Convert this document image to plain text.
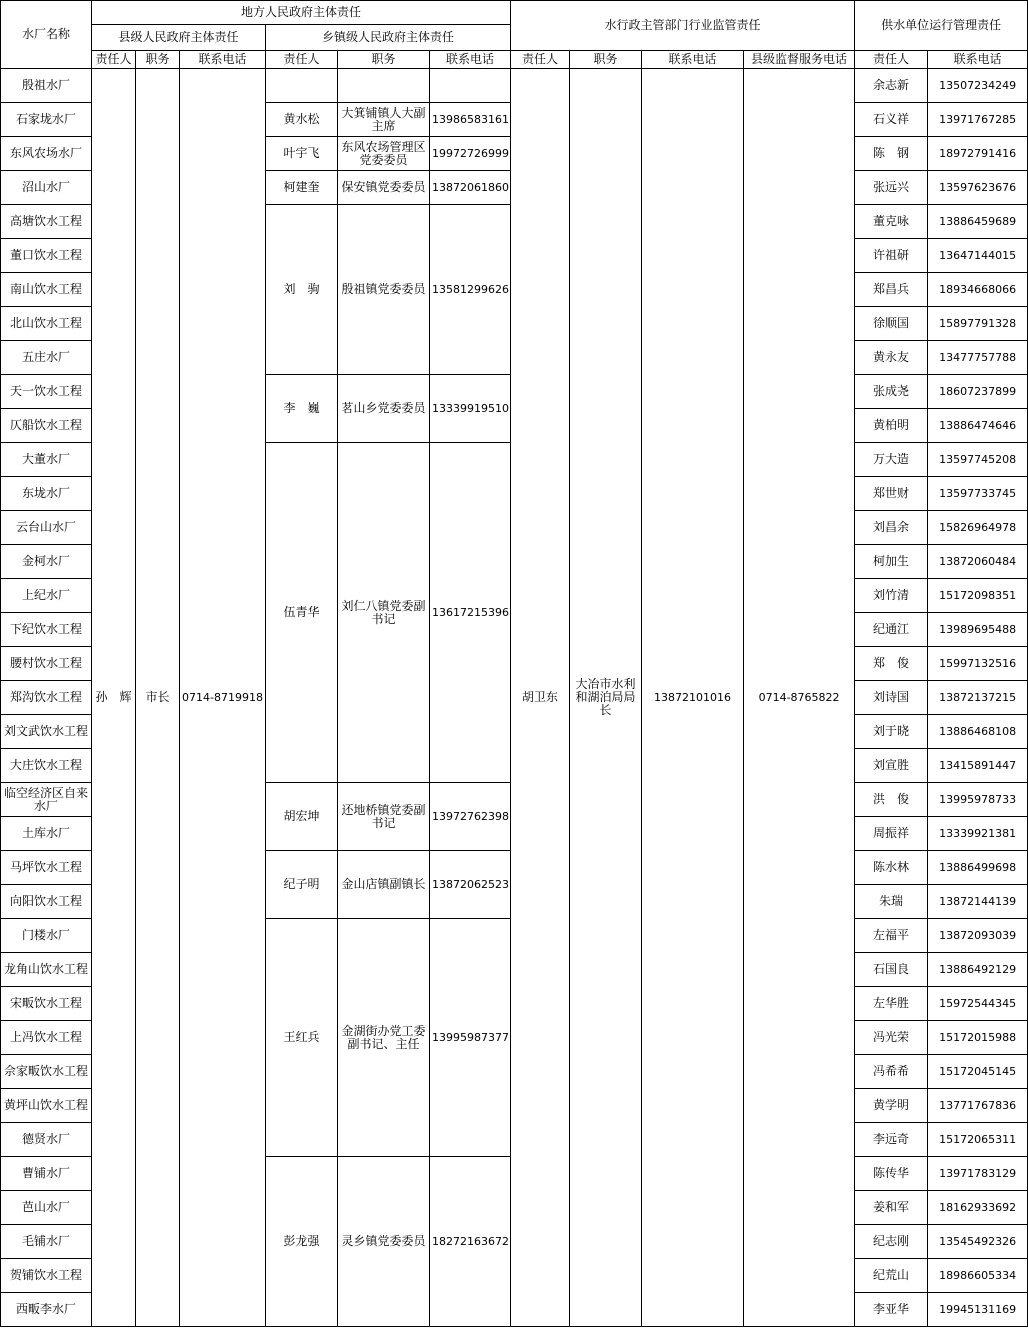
水厂名称	地方人民政府主体责任						水行政主管部门行业监管责任				供水单位运行管理责任	
	县级人民政府主体责任			乡镇级人民政府主体责任								
	责任人	职务	联系电话	责任人	职务	联系电话	责任人	职务	联系电话	县级监督服务电话	责任人	联系电话
殷祖水厂	孙　辉	市长	0714-8719918				胡卫东	大冶市水利和湖泊局局长	13872101016	0714-8765822	余志新	13507234249
石家垅水厂				黄水松	大箕铺镇人大副主席	13986583161					石义祥	13971767285
东风农场水厂				叶宇飞	东风农场管理区党委委员	19972726999					陈　钢	18972791416
沼山水厂				柯建奎	保安镇党委委员	13872061860					张远兴	13597623676
高塘饮水工程				刘　驹	殷祖镇党委委员	13581299626					董克咏	13886459689
董口饮水工程											许祖研	13647144015
南山饮水工程											郑昌兵	18934668066
北山饮水工程											徐顺国	15897791328
五庄水厂											黄永友	13477757788
天一饮水工程				李　巍	茗山乡党委委员	13339919510					张成尧	18607237899
仄船饮水工程											黄柏明	13886474646
大董水厂				伍青华	刘仁八镇党委副书记	13617215396					万大造	13597745208
东垅水厂											郑世财	13597733745
云台山水厂											刘昌余	15826964978
金柯水厂											柯加生	13872060484
上纪水厂											刘竹清	15172098351
下纪饮水工程											纪通江	13989695488
腰村饮水工程											郑　俊	15997132516
郑沟饮水工程											刘诗国	13872137215
刘文武饮水工程											刘于晓	13886468108
大庄饮水工程											刘宣胜	13415891447
临空经济区自来水厂				胡宏坤	还地桥镇党委副书记	13972762398					洪　俊	13995978733
土库水厂											周振祥	13339921381
马坪饮水工程				纪子明	金山店镇副镇长	13872062523					陈水林	13886499698
向阳饮水工程											朱瑞	13872144139
门楼水厂				王红兵	金湖街办党工委副书记、主任	13995987377					左福平	13872093039
龙角山饮水工程											石国良	13886492129
宋畈饮水工程											左华胜	15972544345
上冯饮水工程											冯光荣	15172015988
佘家畈饮水工程											冯希希	15172045145
黄坪山饮水工程											黄学明	13771767836
德贤水厂											李远奇	15172065311
曹铺水厂				彭龙强	灵乡镇党委委员	18272163672					陈传华	13971783129
芭山水厂											姜和军	18162933692
毛铺水厂											纪志刚	13545492326
贺铺饮水工程											纪荒山	18986605334
西畈李水厂											李亚华	19945131169
